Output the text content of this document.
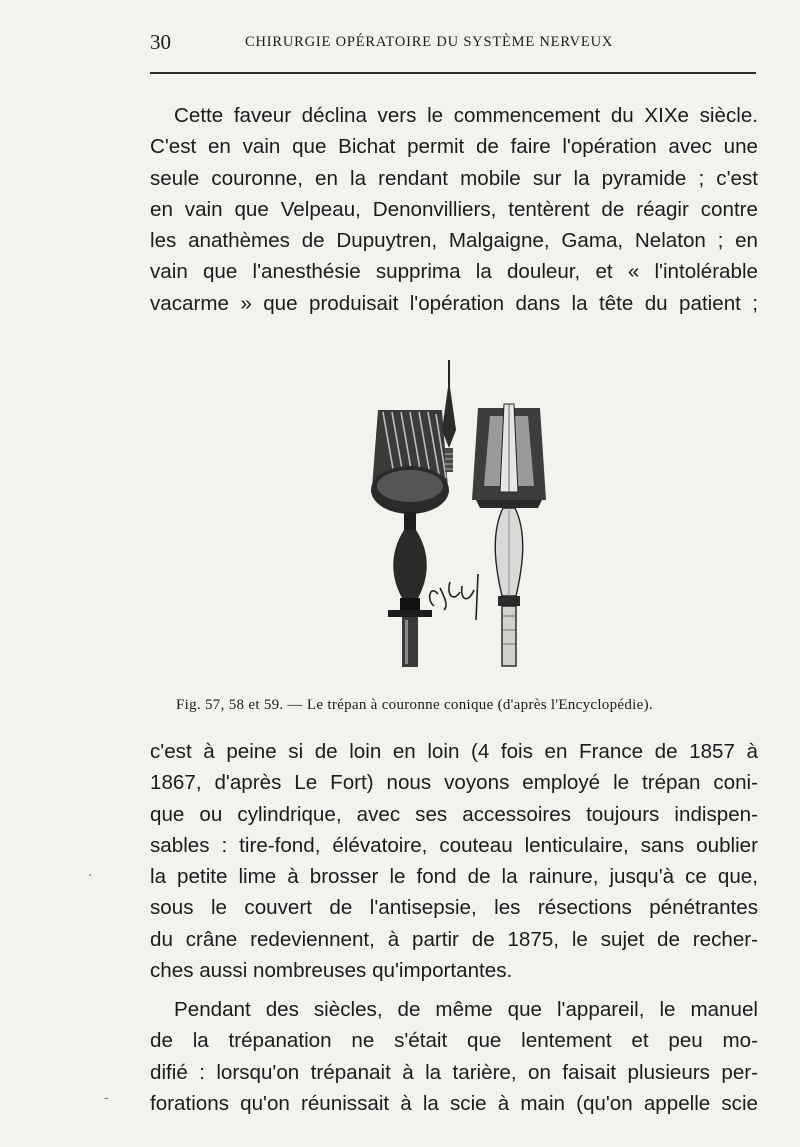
30	CHIRURGIE OPÉRATOIRE DU SYSTÈME NERVEUX
Cette faveur déclina vers le commencement du XIXe siècle.
C'est en vain que Bichat permit de faire l'opération avec une
seule couronne, en la rendant mobile sur la pyramide ; c'est
en vain que Velpeau, Denonvilliers, tentèrent de réagir contre
les anathèmes de Dupuytren, Malgaigne, Gama, Nelaton ; en
vain que l'anesthésie supprima la douleur, et « l'intolérable
vacarme » que produisait l'opération dans la tête du patient ;
Fig. 57, 58 et 59. — Le trépan à couronne conique (d'après l'Encyclopédie).
c'est à peine si de loin en loin (4 fois en France de 1857 à
1867, d'après Le Fort) nous voyons employé le trépan coni-
que ou cylindrique, avec ses accessoires toujours indispen-
sables : tire-fond, élévatoire, couteau lenticulaire, sans oublier
la petite lime à brosser le fond de la rainure, jusqu'à ce que,
sous le couvert de l'antisepsie, les résections pénétrantes
du crâne redeviennent, à partir de 1875, le sujet de recher-
ches aussi nombreuses qu'importantes.
Pendant des siècles, de même que l'appareil, le manuel
de la trépanation ne s'était que lentement et peu mo-
difié : lorsqu'on trépanait à la tarière, on faisait plusieurs per-
forations qu'on réunissait à la scie à main (qu'on appelle scie
·
-
